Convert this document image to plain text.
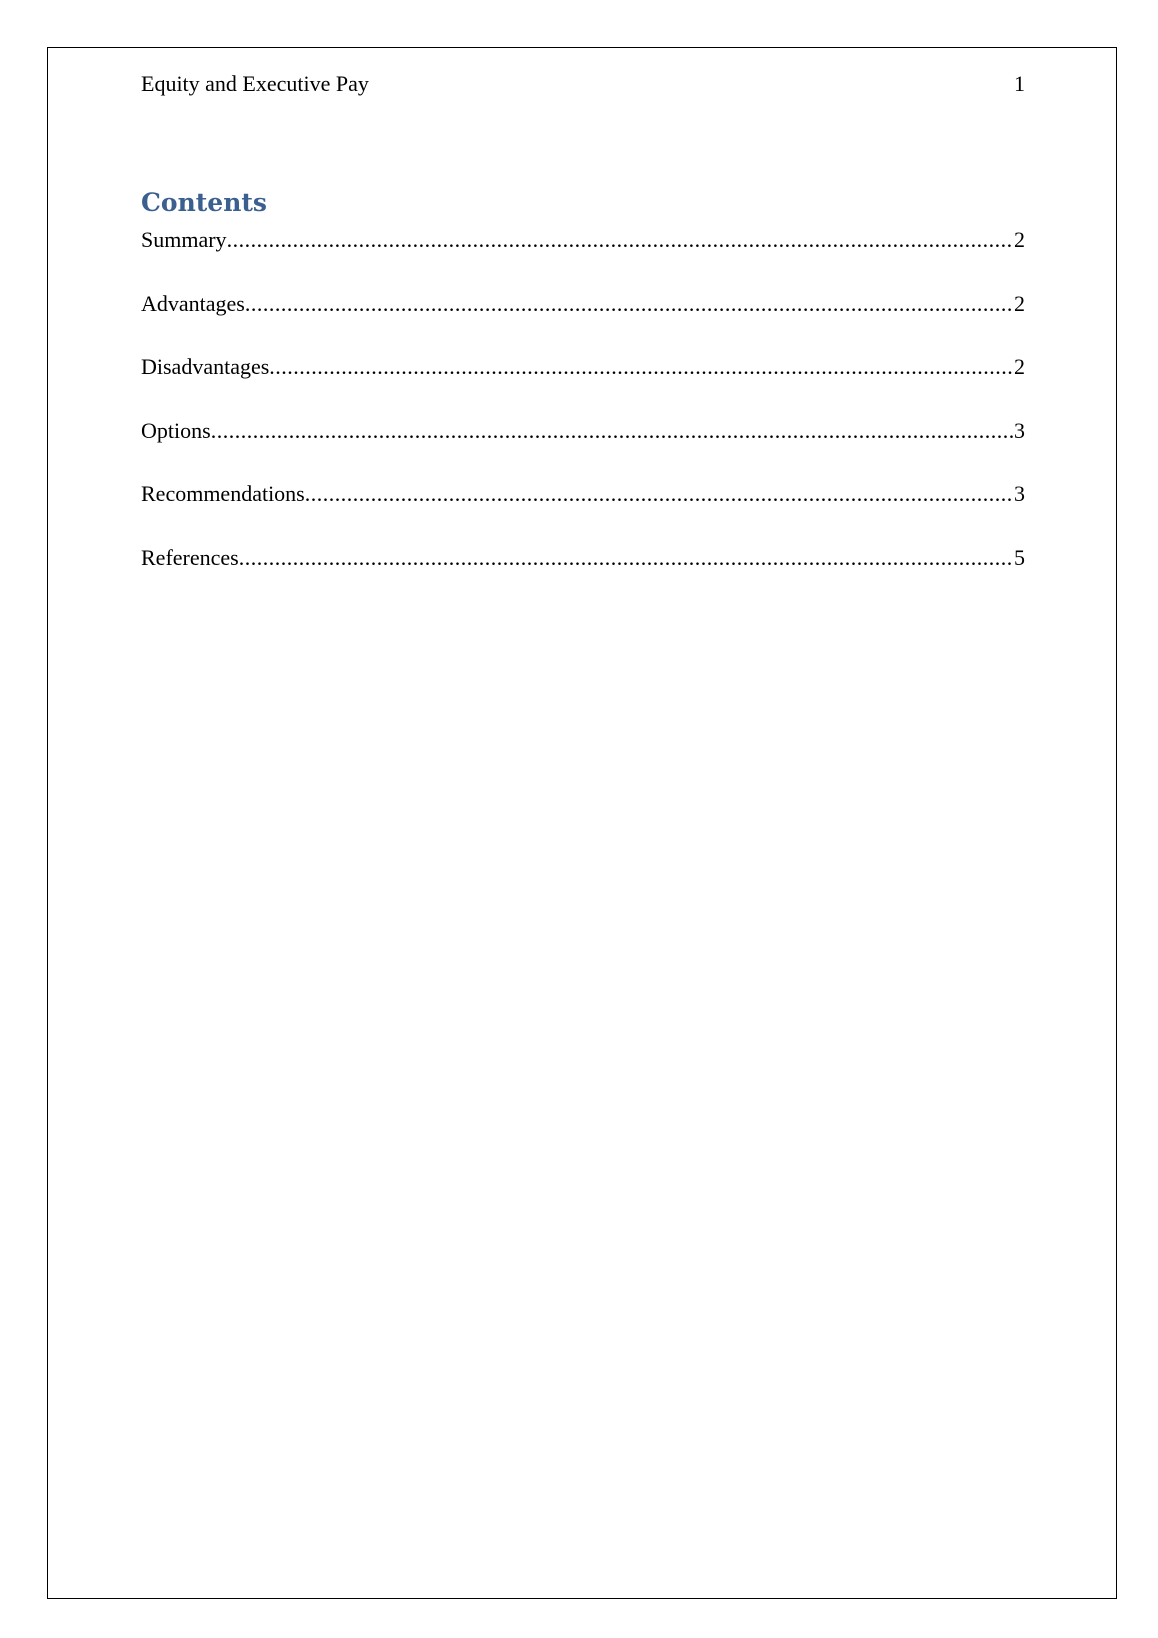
Equity and Executive Pay	1
Contents
Summary .....	2
Advantages .....	2
Disadvantages .....	2
Options .....	3
Recommendations .....	3
References .....	5
